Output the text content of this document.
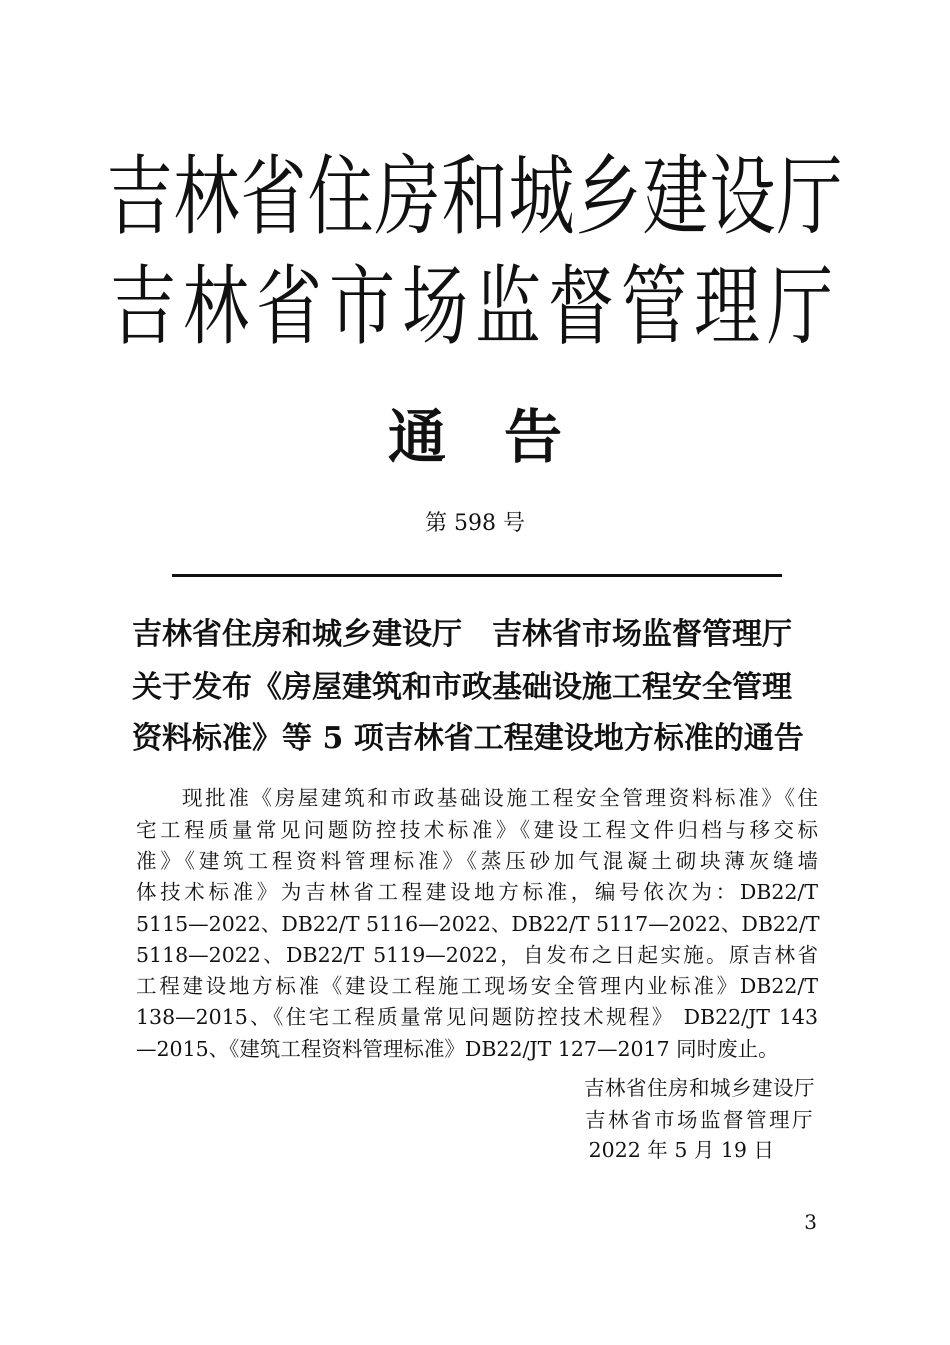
吉林省住房和城乡建设厅
吉林省市场监督管理厅
通告
第 598 号
吉林省住房和城乡建设厅　吉林省市场监督管理厅
关于发布《房屋建筑和市政基础设施工程安全管理
资料标准》等 5 项吉林省工程建设地方标准的通告
现批准《房屋建筑和市政基础设施工程安全管理资料标准》《住
宅工程质量常见问题防控技术标准》《建设工程文件归档与移交标
准》《建筑工程资料管理标准》《蒸压砂加气混凝土砌块薄灰缝墙
体技术标准》为吉林省工程建设地方标准，编号依次为：DB22/T
5115—2022、DB22/T 5116—2022、DB22/T 5117—2022、DB22/T
5118—2022、DB22/T 5119—2022，自发布之日起实施。原吉林省
工程建设地方标准《建设工程施工现场安全管理内业标准》DB22/T
138—2015、《住宅工程质量常见问题防控技术规程》 DB22/JT 143
—2015、《建筑工程资料管理标准》DB22/JT 127—2017 同时废止。
吉林省住房和城乡建设厅
吉林省市场监督管理厅
2022 年 5 月 19 日
3
